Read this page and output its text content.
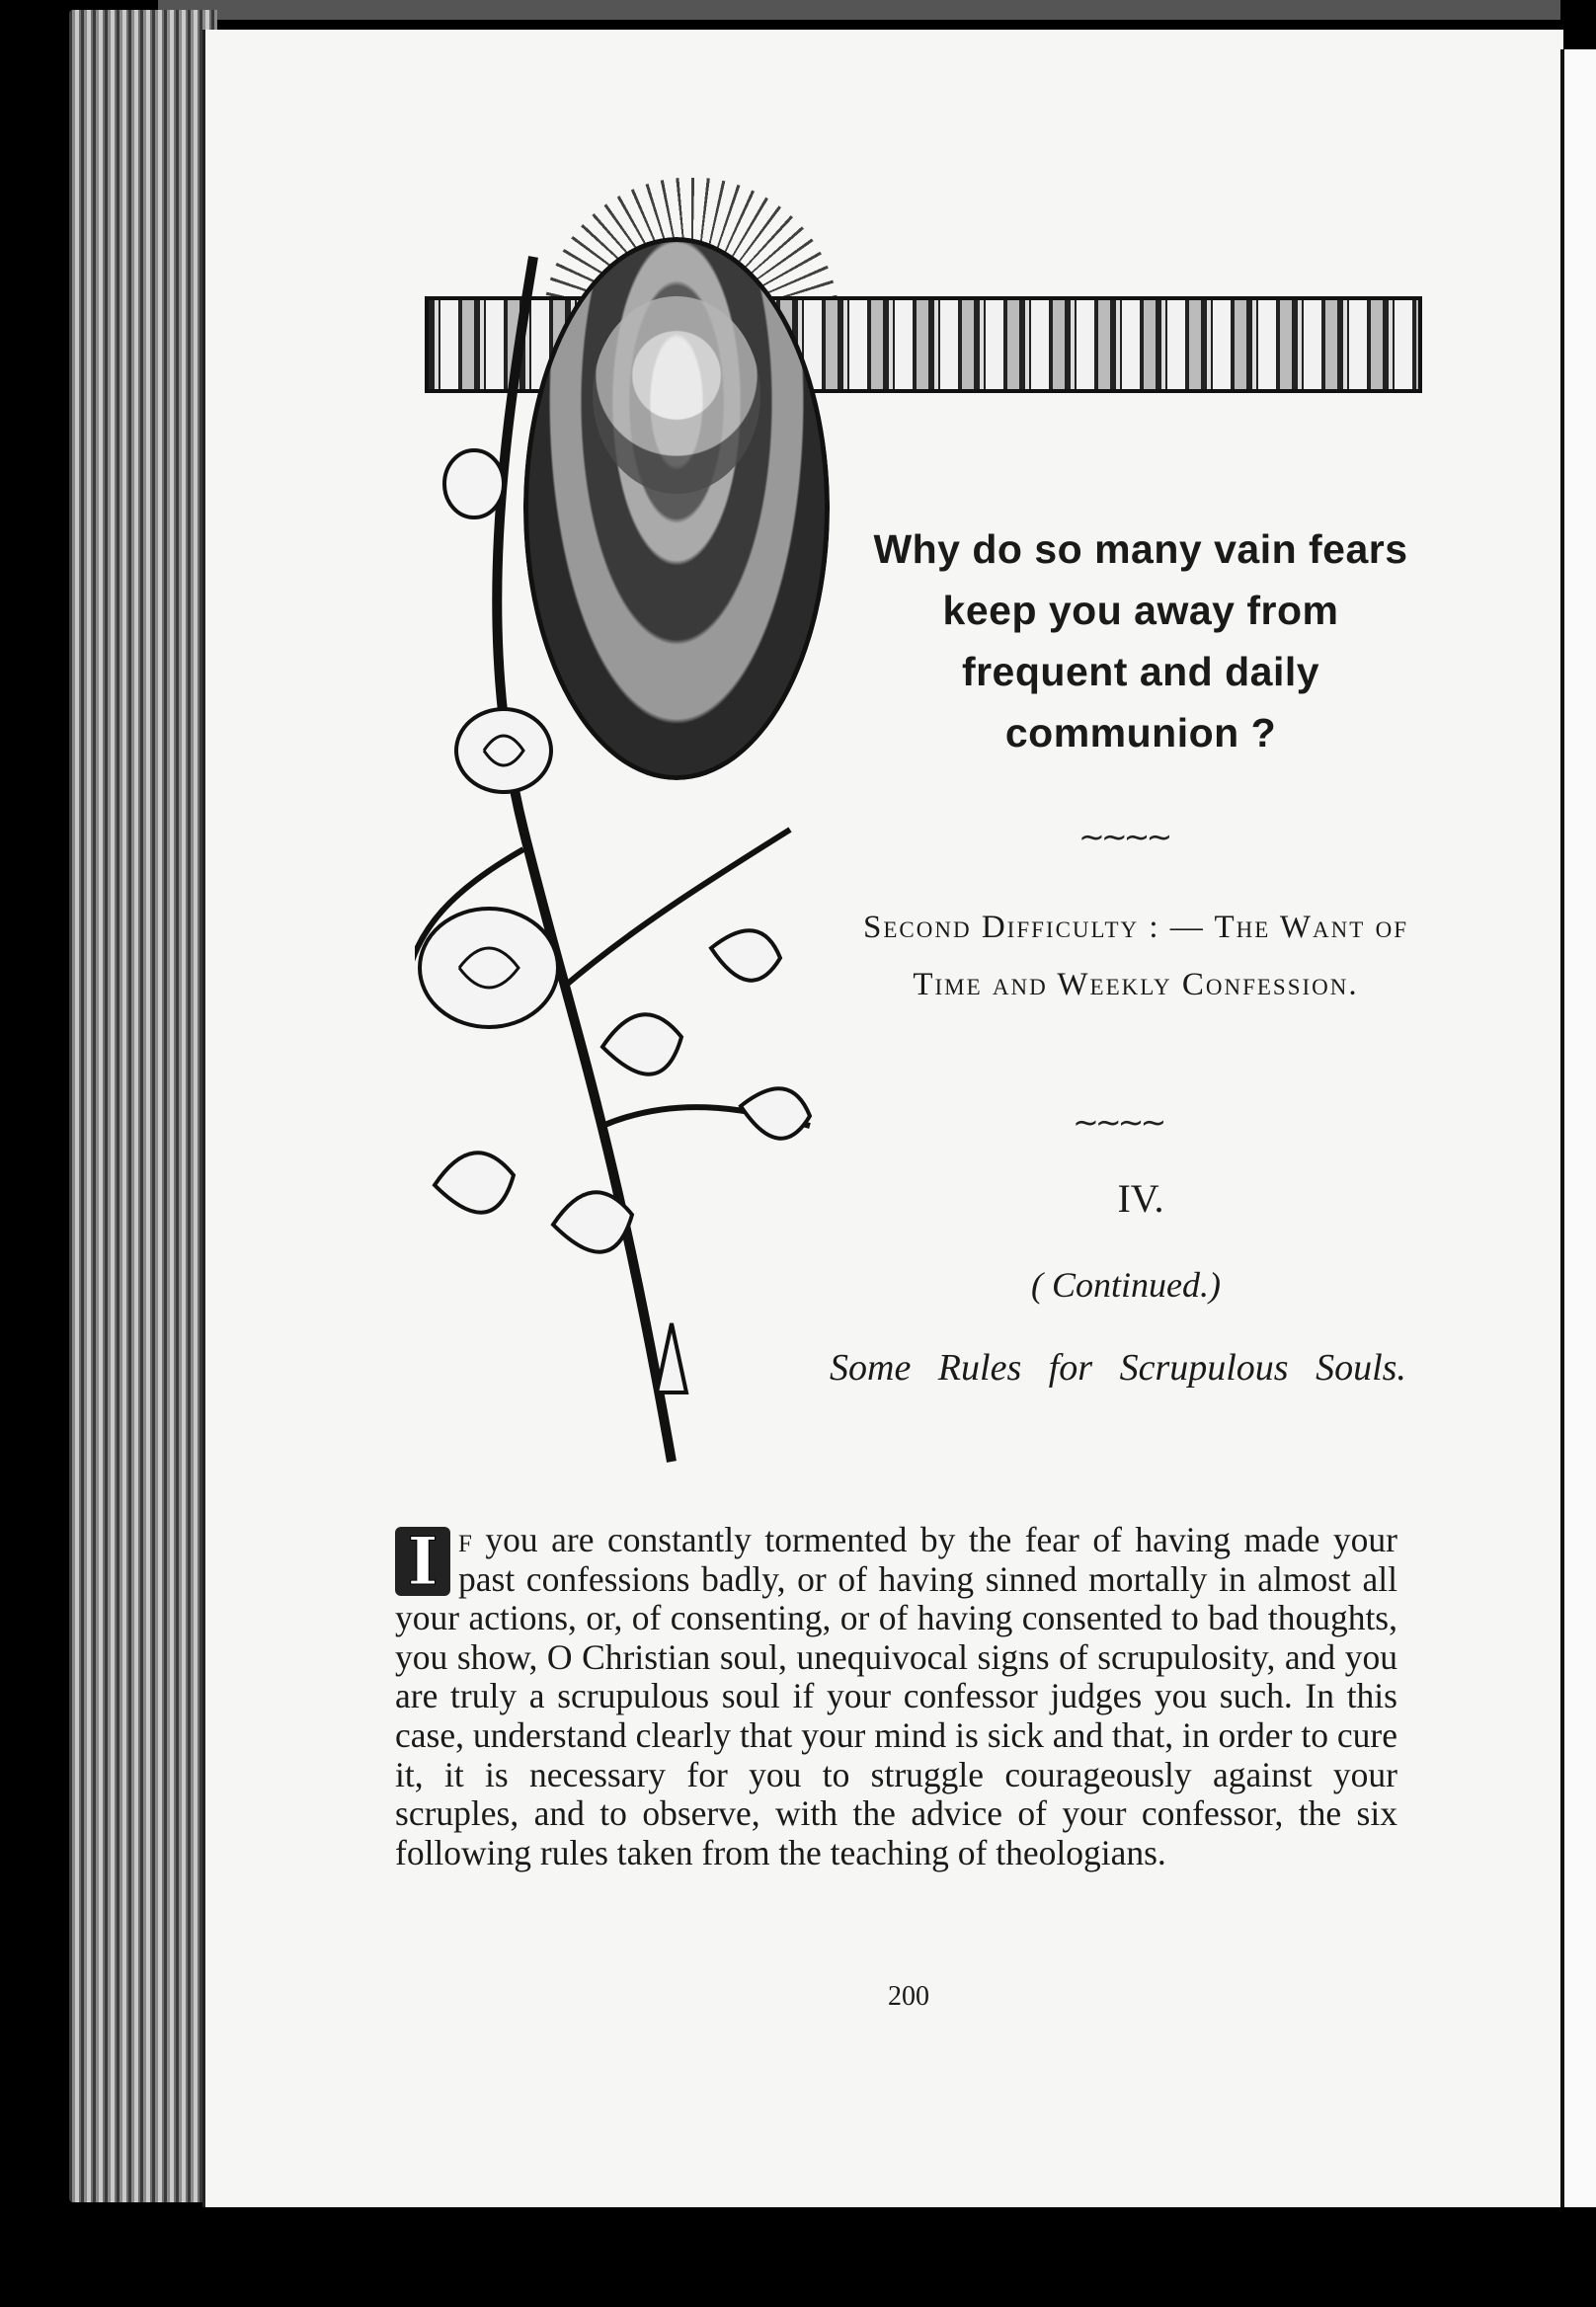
Why do so many vain fears
keep you away from
frequent and daily
communion ?
~~~~
Second Difficulty : — The Want of Time and Weekly Confession.
~~~~
IV.
( Continued.)
Some Rules for Scrupulous Souls.
I f you are constantly tormented by the fear of having made your past confessions badly, or of having sinned mortally in almost all your actions, or, of consenting, or of having consented to bad thoughts, you show, O Christian soul, unequivocal signs of scrupulosity, and you are truly a scrupulous soul if your confessor judges you such. In this case, understand clearly that your mind is sick and that, in order to cure it, it is necessary for you to struggle courageously against your scruples, and to observe, with the advice of your confessor, the six following rules taken from the teaching of theologians.
200
